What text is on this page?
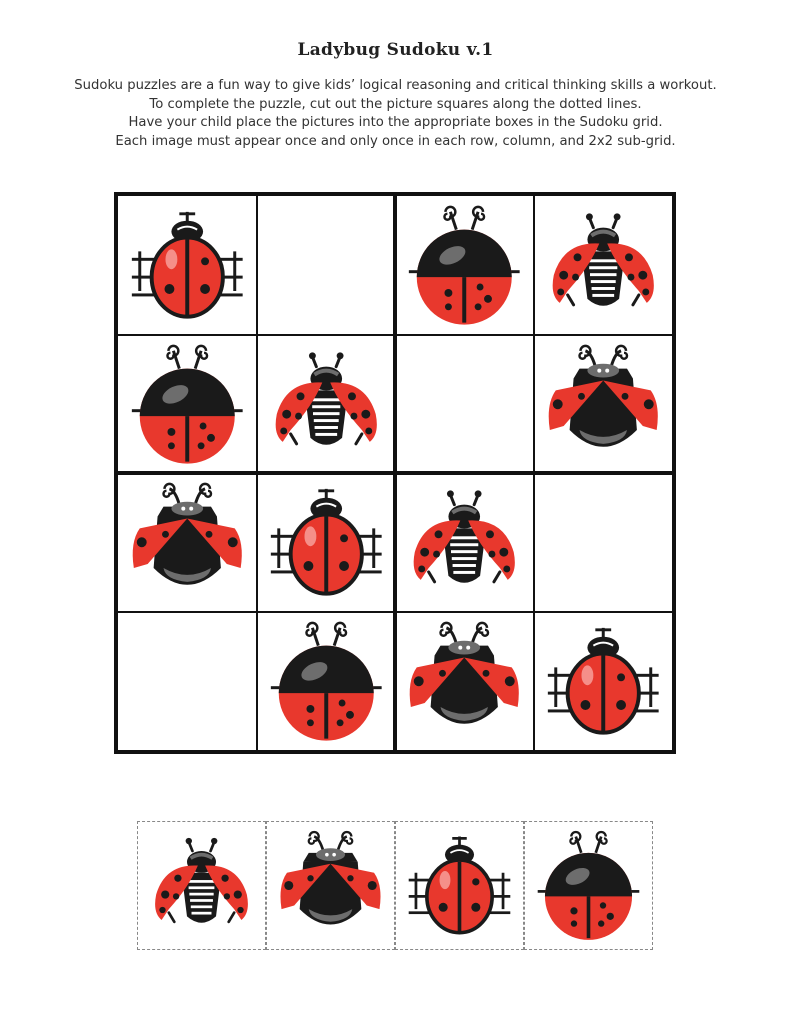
Ladybug Sudoku v.1
Sudoku puzzles are a fun way to give kids’ logical reasoning and critical thinking skills a workout.
To complete the puzzle, cut out the picture squares along the dotted lines.
Have your child place the pictures into the appropriate boxes in the Sudoku grid.
Each image must appear once and only once in each row, column, and 2x2 sub-grid.
